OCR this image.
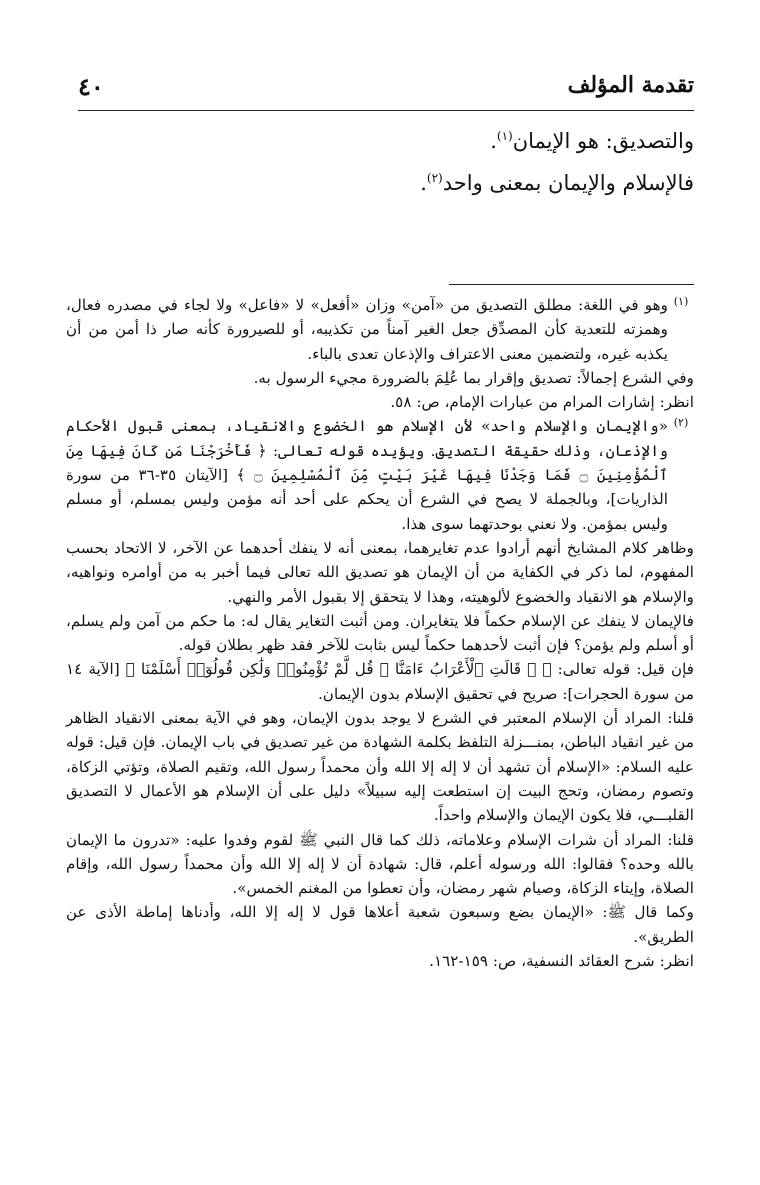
تقدمة المؤلف
٤٠

والتصديق: هو الإيمان$^{(١)}$.

فالإسلام والإيمان بمعنى واحد$^{(٢)}$.

(١)

وهو في اللغة: مطلق التصديق من «آمن» وزان «أفعل» لا «فاعل» ولا لجاء في مصدره فعال، وهمزته للتعدية كأن المصدِّق جعل الغير آمناً من تكذيبه، أو للصيرورة كأنه صار ذا أمن من أن يكذبه غيره، ولتضمين معنى الاعتراف والإذعان تعدى بالباء.

وفي الشرع إجمالاً: تصديق وإقرار بما عُلِمَ بالضرورة مجيء الرسول به.

انظر: إشارات المرام من عبارات الإمام، ص: ٥٨.

(٢)

«والإيمان والإسلام واحد» لأن الإسلام هو الخضوع والانقياد، بمعنى قبول الأحكام والإذعان، وذلك حقيقة التصديق. ويؤيده قوله تعالى: ﴿ فَأَخْرَجْنَا مَن كَانَ فِيهَا مِنَ ٱلْمُؤْمِنِينَ ۝ فَمَا وَجَدْنَا فِيهَا غَيْرَ بَيْتٍ مِّنَ ٱلْمُسْلِمِينَ ۝ ﴾ [الآيتان ٣٥-٣٦ من سورة الذاريات]، وبالجملة لا يصح في الشرع أن يحكم على أحد أنه مؤمن وليس بمسلم، أو مسلم وليس بمؤمن. ولا نعني بوحدتهما سوى هذا.

وظاهر كلام المشايخ أنهم أرادوا عدم تغايرهما، بمعنى أنه لا ينفك أحدهما عن الآخر، لا الاتحاد بحسب المفهوم، لما ذكر في الكفاية من أن الإيمان هو تصديق الله تعالى فيما أخبر به من أوامره ونواهيه، والإسلام هو الانقياد والخضوع لألوهيته، وهذا لا يتحقق إلا بقبول الأمر والنهي.

فالإيمان لا ينفك عن الإسلام حكماً فلا يتغايران. ومن أثبت التغاير يقال له: ما حكم من آمن ولم يسلم، أو أسلم ولم يؤمن؟ فإن أثبت لأحدهما حكماً ليس بثابت للآخر فقد ظهر بطلان قوله.

فإن قيل: قوله تعالى: ﴿ ۞ قَالَتِ ٱلْأَعْرَابُ ءَامَنَّا ۖ قُل لَّمْ تُؤْمِنُوا۟ وَلَٰكِن قُولُوٓا۟ أَسْلَمْنَا ﴾ [الآية ١٤ من سورة الحجرات]: صريح في تحقيق الإسلام بدون الإيمان.

قلنا: المراد أن الإسلام المعتبر في الشرع لا يوجد بدون الإيمان، وهو في الآية بمعنى الانقياد الظاهر من غير انقياد الباطن، بمنـــزلة التلفظ بكلمة الشهادة من غير تصديق في باب الإيمان. فإن قيل: قوله عليه السلام: «الإسلام أن تشهد أن لا إله إلا الله وأن محمداً رسول الله، وتقيم الصلاة، وتؤتي الزكاة، وتصوم رمضان، وتحج البيت إن استطعت إليه سبيلاً» دليل على أن الإسلام هو الأعمال لا التصديق القلبـــي، فلا يكون الإيمان والإسلام واحداً.

قلنا: المراد أن شرات الإسلام وعلاماته، ذلك كما قال النبي ﷺ لقوم وفدوا عليه: «تدرون ما الإيمان بالله وحده؟ فقالوا: الله ورسوله أعلم، قال: شهادة أن لا إله إلا الله وأن محمداً رسول الله، وإقام الصلاة، وإيتاء الزكاة، وصيام شهر رمضان، وأن تعطوا من المغنم الخمس».

وكما قال ﷺ: «الإيمان بضع وسبعون شعبة أعلاها قول لا إله إلا الله، وأدناها إماطة الأذى عن الطريق».

انظر: شرح العقائد النسفية، ص: ١٥٩-١٦٢.
